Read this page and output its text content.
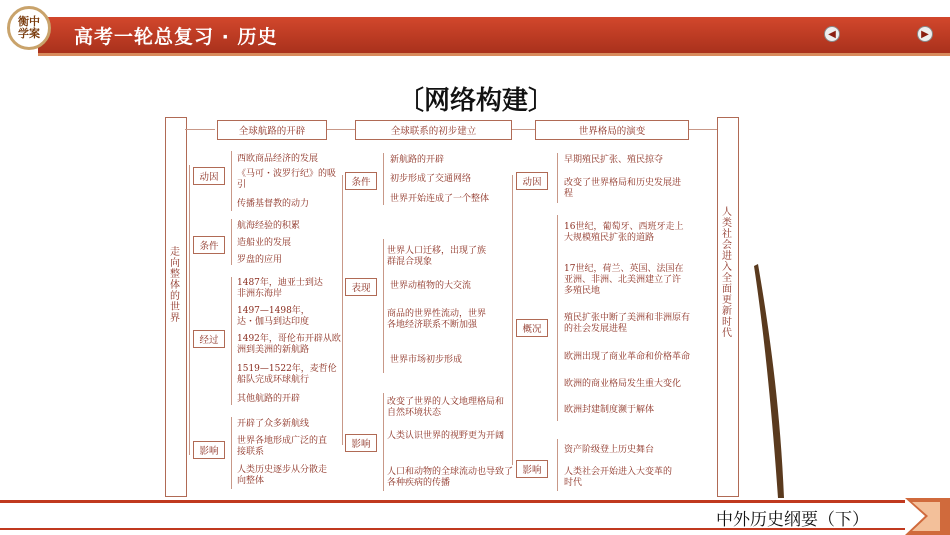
衡中
学案 高考一轮总复习 · 历史	◀	▶
〔网络构建〕
走向整体的世界
人类社会进入全面更新时代
全球航路的开辟	全球联系的初步建立	世界格局的演变
动因
条件
经过
影响
西欧商品经济的发展
《马可・波罗行纪》的吸引
传播基督教的动力
航海经验的积累
造船业的发展
罗盘的应用
1487年，迪亚士到达非洲东海岸
1497—1498年，达・伽马到达印度
1492年，哥伦布开辟从欧洲到美洲的新航路
1519—1522年，麦哲伦船队完成环球航行
其他航路的开辟
开辟了众多新航线
世界各地形成广泛的直接联系
人类历史逐步从分散走向整体
条件
表现
影响
新航路的开辟
初步形成了交通网络
世界开始连成了一个整体
世界人口迁移，出现了族群混合现象
世界动植物的大交流
商品的世界性流动，世界各地经济联系不断加强
世界市场初步形成
改变了世界的人文地理格局和自然环境状态
人类认识世界的视野更为开阔
人口和动物的全球流动也导致了各种疾病的传播
动因
概况
影响
早期殖民扩张、殖民掠夺
改变了世界格局和历史发展进程
16世纪，葡萄牙、西班牙走上大规模殖民扩张的道路
17世纪，荷兰、英国、法国在亚洲、非洲、北美洲建立了许多殖民地
殖民扩张中断了美洲和非洲原有的社会发展进程
欧洲出现了商业革命和价格革命
欧洲的商业格局发生重大变化
欧洲封建制度濒于解体
资产阶级登上历史舞台
人类社会开始进入大变革的时代
中外历史纲要（下）
